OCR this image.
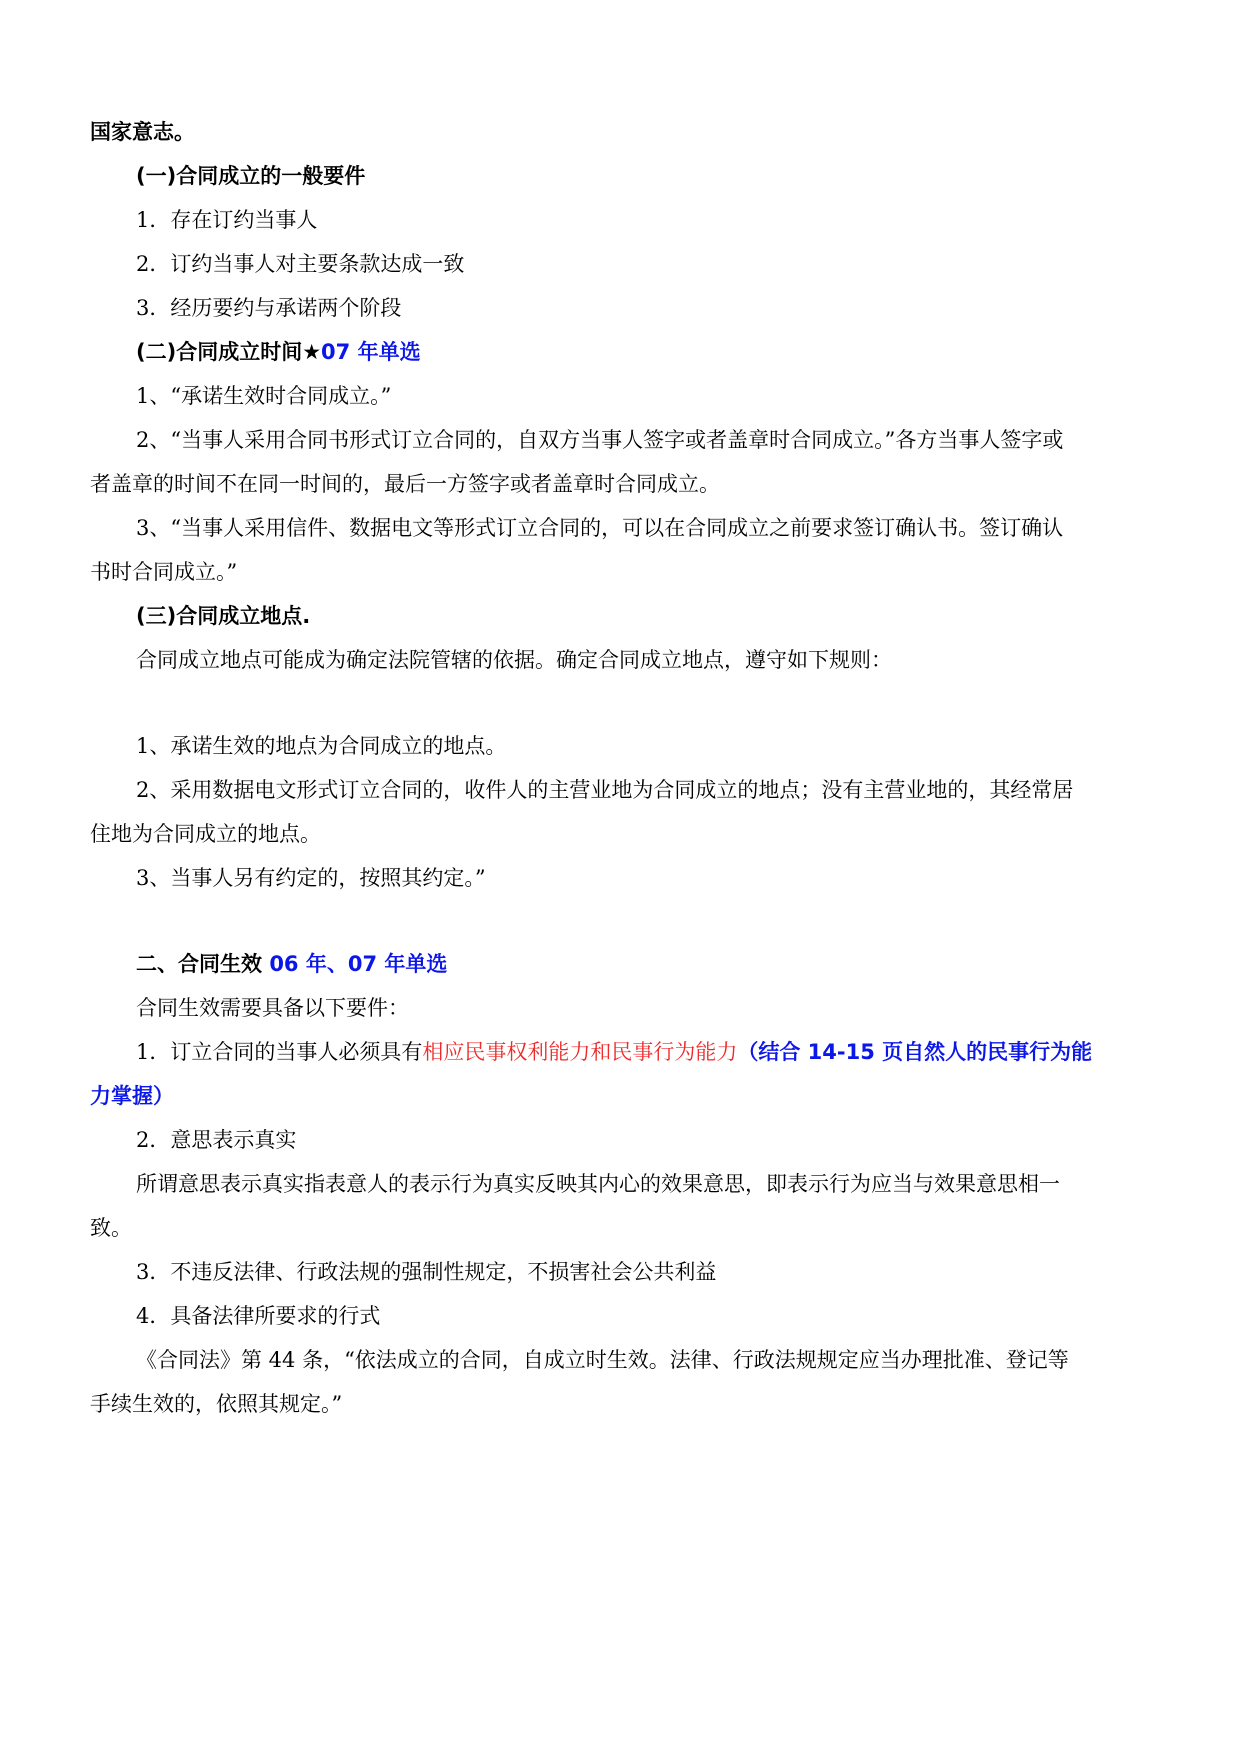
国家意志。
(一)合同成立的一般要件
1．存在订约当事人
2．订约当事人对主要条款达成一致
3．经历要约与承诺两个阶段
(二)合同成立时间★07 年单选
1、“承诺生效时合同成立。”
2、“当事人采用合同书形式订立合同的，自双方当事人签字或者盖章时合同成立。”各方当事人签字或
者盖章的时间不在同一时间的，最后一方签字或者盖章时合同成立。
3、“当事人采用信件、数据电文等形式订立合同的，可以在合同成立之前要求签订确认书。签订确认
书时合同成立。”
(三)合同成立地点.
合同成立地点可能成为确定法院管辖的依据。确定合同成立地点，遵守如下规则：
1、承诺生效的地点为合同成立的地点。
2、采用数据电文形式订立合同的，收件人的主营业地为合同成立的地点；没有主营业地的，其经常居
住地为合同成立的地点。
3、当事人另有约定的，按照其约定。”
二、合同生效 06 年、07 年单选
合同生效需要具备以下要件：
1．订立合同的当事人必须具有相应民事权利能力和民事行为能力（结合 14-15 页自然人的民事行为能
力掌握）
2．意思表示真实
所谓意思表示真实指表意人的表示行为真实反映其内心的效果意思，即表示行为应当与效果意思相一
致。
3．不违反法律、行政法规的强制性规定，不损害社会公共利益
4．具备法律所要求的行式
《合同法》第 44 条，“依法成立的合同，自成立时生效。法律、行政法规规定应当办理批准、登记等
手续生效的，依照其规定。”
